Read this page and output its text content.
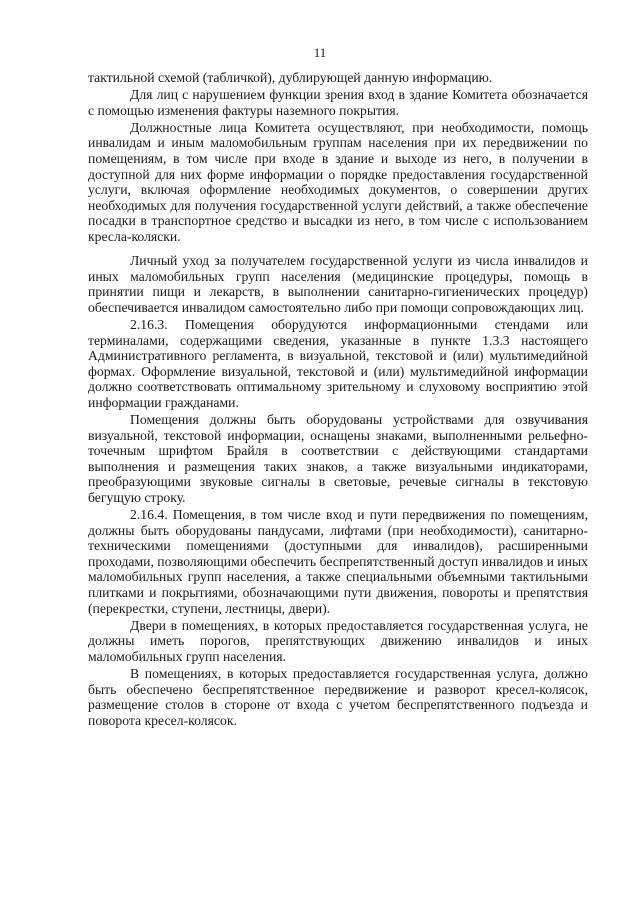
11

тактильной схемой (табличкой), дублирующей данную информацию.

Для лиц с нарушением функции зрения вход в здание Комитета обозначается с помощью изменения фактуры наземного покрытия.

Должностные лица Комитета осуществляют, при необходимости, помощь инвалидам и иным маломобильным группам населения при их передвижении по помещениям, в том числе при входе в здание и выходе из него, в получении в доступной для них форме информации о порядке предоставления государственной услуги, включая оформление необходимых документов, о совершении других необходимых для получения государственной услуги действий, а также обеспечение посадки в транспортное средство и высадки из него, в том числе с использованием кресла-коляски.

Личный уход за получателем государственной услуги из числа инвалидов и иных маломобильных групп населения (медицинские процедуры, помощь в принятии пищи и лекарств, в выполнении санитарно-гигиенических процедур) обеспечивается инвалидом самостоятельно либо при помощи сопровождающих лиц.

2.16.3. Помещения оборудуются информационными стендами или терминалами, содержащими сведения, указанные в пункте 1.3.3 настоящего Административного регламента, в визуальной, текстовой и (или) мультимедийной формах. Оформление визуальной, текстовой и (или) мультимедийной информации должно соответствовать оптимальному зрительному и слуховому восприятию этой информации гражданами.

Помещения должны быть оборудованы устройствами для озвучивания визуальной, текстовой информации, оснащены знаками, выполненными рельефно-точечным шрифтом Брайля в соответствии с действующими стандартами выполнения и размещения таких знаков, а также визуальными индикаторами, преобразующими звуковые сигналы в световые, речевые сигналы в текстовую бегущую строку.

2.16.4. Помещения, в том числе вход и пути передвижения по помещениям, должны быть оборудованы пандусами, лифтами (при необходимости), санитарно-техническими помещениями (доступными для инвалидов), расширенными проходами, позволяющими обеспечить беспрепятственный доступ инвалидов и иных маломобильных групп населения, а также специальными объемными тактильными плитками и покрытиями, обозначающими пути движения, повороты и препятствия (перекрестки, ступени, лестницы, двери).

Двери в помещениях, в которых предоставляется государственная услуга, не должны иметь порогов, препятствующих движению инвалидов и иных маломобильных групп населения.

В помещениях, в которых предоставляется государственная услуга, должно быть обеспечено беспрепятственное передвижение и разворот кресел-колясок, размещение столов в стороне от входа с учетом беспрепятственного подъезда и поворота кресел-колясок.
